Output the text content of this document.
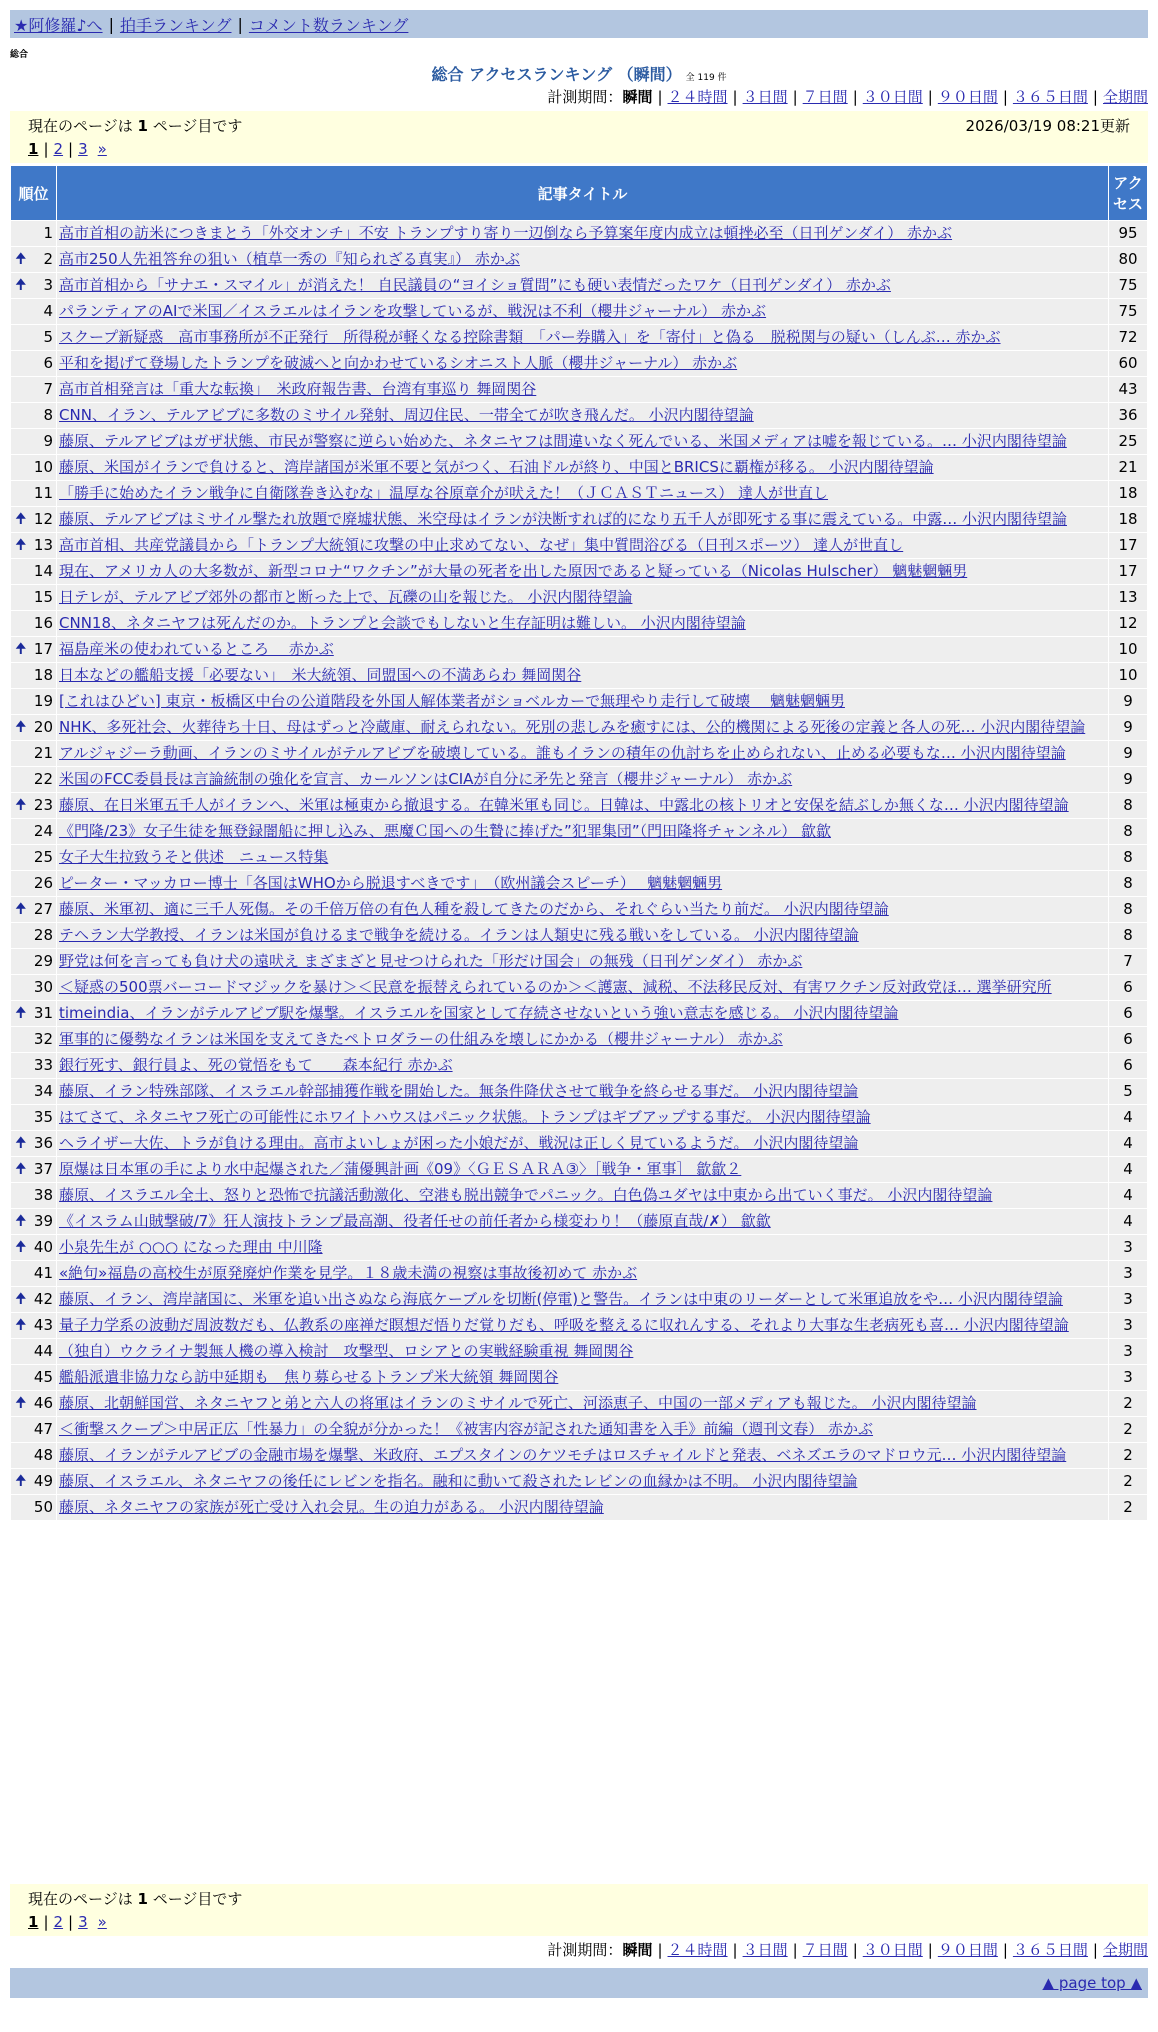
★阿修羅♪へ | 拍手ランキング | コメント数ランキング
総合
総合 アクセスランキング （瞬間） 全 119 件
計測期間：瞬間 | ２４時間 | ３日間 | ７日間 | ３０日間 | ９０日間 | ３６５日間 | 全期間
現在のページは 1 ページ目です	2026/03/19 08:21更新
1 | 2 | 3 »
順位	記事タイトル	アクセス
1	高市首相の訪米につきまとう「外交オンチ」不安 トランプすり寄り一辺倒なら予算案年度内成立は頓挫必至（日刊ゲンダイ） 赤かぶ	95

🠉 2	高市250人先祖答弁の狙い（植草一秀の『知られざる真実』） 赤かぶ	80

🠉 3	高市首相から「サナエ・スマイル」が消えた！ 自民議員の“ヨイショ質問”にも硬い表情だったワケ（日刊ゲンダイ） 赤かぶ	75
4	パランティアのAIで米国／イスラエルはイランを攻撃しているが、戦況は不利（櫻井ジャーナル） 赤かぶ	75
5	スクープ新疑惑　高市事務所が不正発行　所得税が軽くなる控除書類　「パー券購入」を「寄付」と偽る　脱税関与の疑い（しんぶ… 赤かぶ	72
6	平和を掲げて登場したトランプを破滅へと向かわせているシオニスト人脈（櫻井ジャーナル） 赤かぶ	60
7	高市首相発言は「重大な転換」　米政府報告書、台湾有事巡り 舞岡関谷	43
8	CNN、イラン、テルアビブに多数のミサイル発射、周辺住民、一帯全てが吹き飛んだ。 小沢内閣待望論	36
9	藤原、テルアビブはガザ状態、市民が警察に逆らい始めた、ネタニヤフは間違いなく死んでいる、米国メディアは嘘を報じている。… 小沢内閣待望論	25
10	藤原、米国がイランで負けると、湾岸諸国が米軍不要と気がつく、石油ドルが終り、中国とBRICSに覇権が移る。 小沢内閣待望論	21
11	「勝手に始めたイラン戦争に自衛隊巻き込むな」温厚な谷原章介が吠えた！（ＪＣＡＳＴニュース） 達人が世直し	18

🠉 12	藤原、テルアビブはミサイル撃たれ放題で廃墟状態、米空母はイランが決断すれば的になり五千人が即死する事に震えている。中露… 小沢内閣待望論	18

🠉 13	高市首相、共産党議員から「トランプ大統領に攻撃の中止求めてない、なぜ」集中質問浴びる（日刊スポーツ） 達人が世直し	17
14	現在、アメリカ人の大多数が、新型コロナ“ワクチン”が大量の死者を出した原因であると疑っている（Nicolas Hulscher） 魑魅魍魎男	17
15	日テレが、テルアビブ郊外の都市と断った上で、瓦礫の山を報じた。 小沢内閣待望論	13
16	CNN18、ネタニヤフは死んだのか。トランプと会談でもしないと生存証明は難しい。 小沢内閣待望論	12

🠉 17	福島産米の使われているところ　 赤かぶ	10
18	日本などの艦船支援「必要ない」　米大統領、同盟国への不満あらわ 舞岡関谷	10
19	[これはひどい] 東京・板橋区中台の公道階段を外国人解体業者がショベルカーで無理やり走行して破壊　 魑魅魍魎男	9

🠉 20	NHK、多死社会、火葬待ち十日、母はずっと冷蔵庫、耐えられない。死別の悲しみを癒すには、公的機関による死後の定義と各人の死… 小沢内閣待望論	9
21	アルジャジーラ動画、イランのミサイルがテルアビブを破壊している。誰もイランの積年の仇討ちを止められない、止める必要もな… 小沢内閣待望論	9
22	米国のFCC委員長は言論統制の強化を宣言、カールソンはCIAが自分に矛先と発言（櫻井ジャーナル） 赤かぶ	9

🠉 23	藤原、在日米軍五千人がイランへ、米軍は極東から撤退する。在韓米軍も同じ。日韓は、中露北の核トリオと安保を結ぶしか無くな… 小沢内閣待望論	8
24	《門隆/23》女子生徒を無登録闇船に押し込み、悪魔Ｃ国への生贄に捧げた”犯罪集団”（門田隆将チャンネル） 歙歙	8
25	女子大生拉致うそと供述　ニュース特集	8
26	ピーター・マッカロー博士「各国はWHOから脱退すべきです」　（欧州議会スピーチ）　 魑魅魍魎男	8

🠉 27	藤原、米軍初、適に三千人死傷。その千倍万倍の有色人種を殺してきたのだから、それぐらい当たり前だ。 小沢内閣待望論	8
28	テヘラン大学教授、イランは米国が負けるまで戦争を続ける。イランは人類史に残る戦いをしている。 小沢内閣待望論	8
29	野党は何を言っても負け犬の遠吠え まざまざと見せつけられた「形だけ国会」の無残（日刊ゲンダイ） 赤かぶ	7
30	＜疑惑の500票バーコードマジックを暴け＞＜民意を振替えられているのか＞＜護憲、減税、不法移民反対、有害ワクチン反対政党ほ… 選挙研究所	6

🠉 31	timeindia、イランがテルアビブ駅を爆撃。イスラエルを国家として存続させないという強い意志を感じる。 小沢内閣待望論	6
32	軍事的に優勢なイランは米国を支えてきたペトロダラーの仕組みを壊しにかかる（櫻井ジャーナル） 赤かぶ	6
33	銀行死す、銀行員よ、死の覚悟をもて　　森本紀行 赤かぶ	6
34	藤原、イラン特殊部隊、イスラエル幹部捕獲作戦を開始した。無条件降伏させて戦争を終らせる事だ。 小沢内閣待望論	5
35	はてさて、ネタニヤフ死亡の可能性にホワイトハウスはパニック状態。トランプはギブアップする事だ。 小沢内閣待望論	4

🠉 36	ヘライザー大佐、トラが負ける理由。高市よいしょが困った小娘だが、戦況は正しく見ているようだ。 小沢内閣待望論	4

🠉 37	原爆は日本軍の手により水中起爆された／蒲優興計画《09》〈ＧＥＳＡＲＡ③〉［戦争・軍事］ 歙歙２	4
38	藤原、イスラエル全土、怒りと恐怖で抗議活動激化、空港も脱出競争でパニック。白色偽ユダヤは中東から出ていく事だ。 小沢内閣待望論	4

🠉 39	《イスラム山賊撃破/7》狂人演技トランプ最高潮、役者任せの前任者から様変わり！（藤原直哉/✗） 歙歙	4

🠉 40	小泉先生が ○○○ になった理由 中川隆	3
41	«絶句»福島の高校生が原発廃炉作業を見学。１８歳未満の視察は事故後初めて 赤かぶ	3

🠉 42	藤原、イラン、湾岸諸国に、米軍を追い出さぬなら海底ケーブルを切断(停電)と警告。イランは中東のリーダーとして米軍追放をや… 小沢内閣待望論	3

🠉 43	量子力学系の波動だ周波数だも、仏教系の座禅だ瞑想だ悟りだ覚りだも、呼吸を整えるに収れんする、それより大事な生老病死も喜… 小沢内閣待望論	3
44	（独自）ウクライナ製無人機の導入検討　攻撃型、ロシアとの実戦経験重視 舞岡関谷	3
45	艦船派遣非協力なら訪中延期も　焦り募らせるトランプ米大統領 舞岡関谷	3

🠉 46	藤原、北朝鮮国営、ネタニヤフと弟と六人の将軍はイランのミサイルで死亡、河添恵子、中国の一部メディアも報じた。 小沢内閣待望論	2
47	＜衝撃スクープ＞中居正広「性暴力」の全貌が分かった！《被害内容が記された通知書を入手》前編（週刊文春） 赤かぶ	2
48	藤原、イランがテルアビブの金融市場を爆撃、米政府、エプスタインのケツモチはロスチャイルドと発表、ベネズエラのマドロウ元… 小沢内閣待望論	2

🠉 49	藤原、イスラエル、ネタニヤフの後任にレビンを指名。融和に動いて殺されたレビンの血縁かは不明。 小沢内閣待望論	2
50	藤原、ネタニヤフの家族が死亡受け入れ会見。生の迫力がある。 小沢内閣待望論	2
現在のページは 1 ページ目です
1 | 2 | 3 »
計測期間：瞬間 | ２４時間 | ３日間 | ７日間 | ３０日間 | ９０日間 | ３６５日間 | 全期間
▲ page top ▲
